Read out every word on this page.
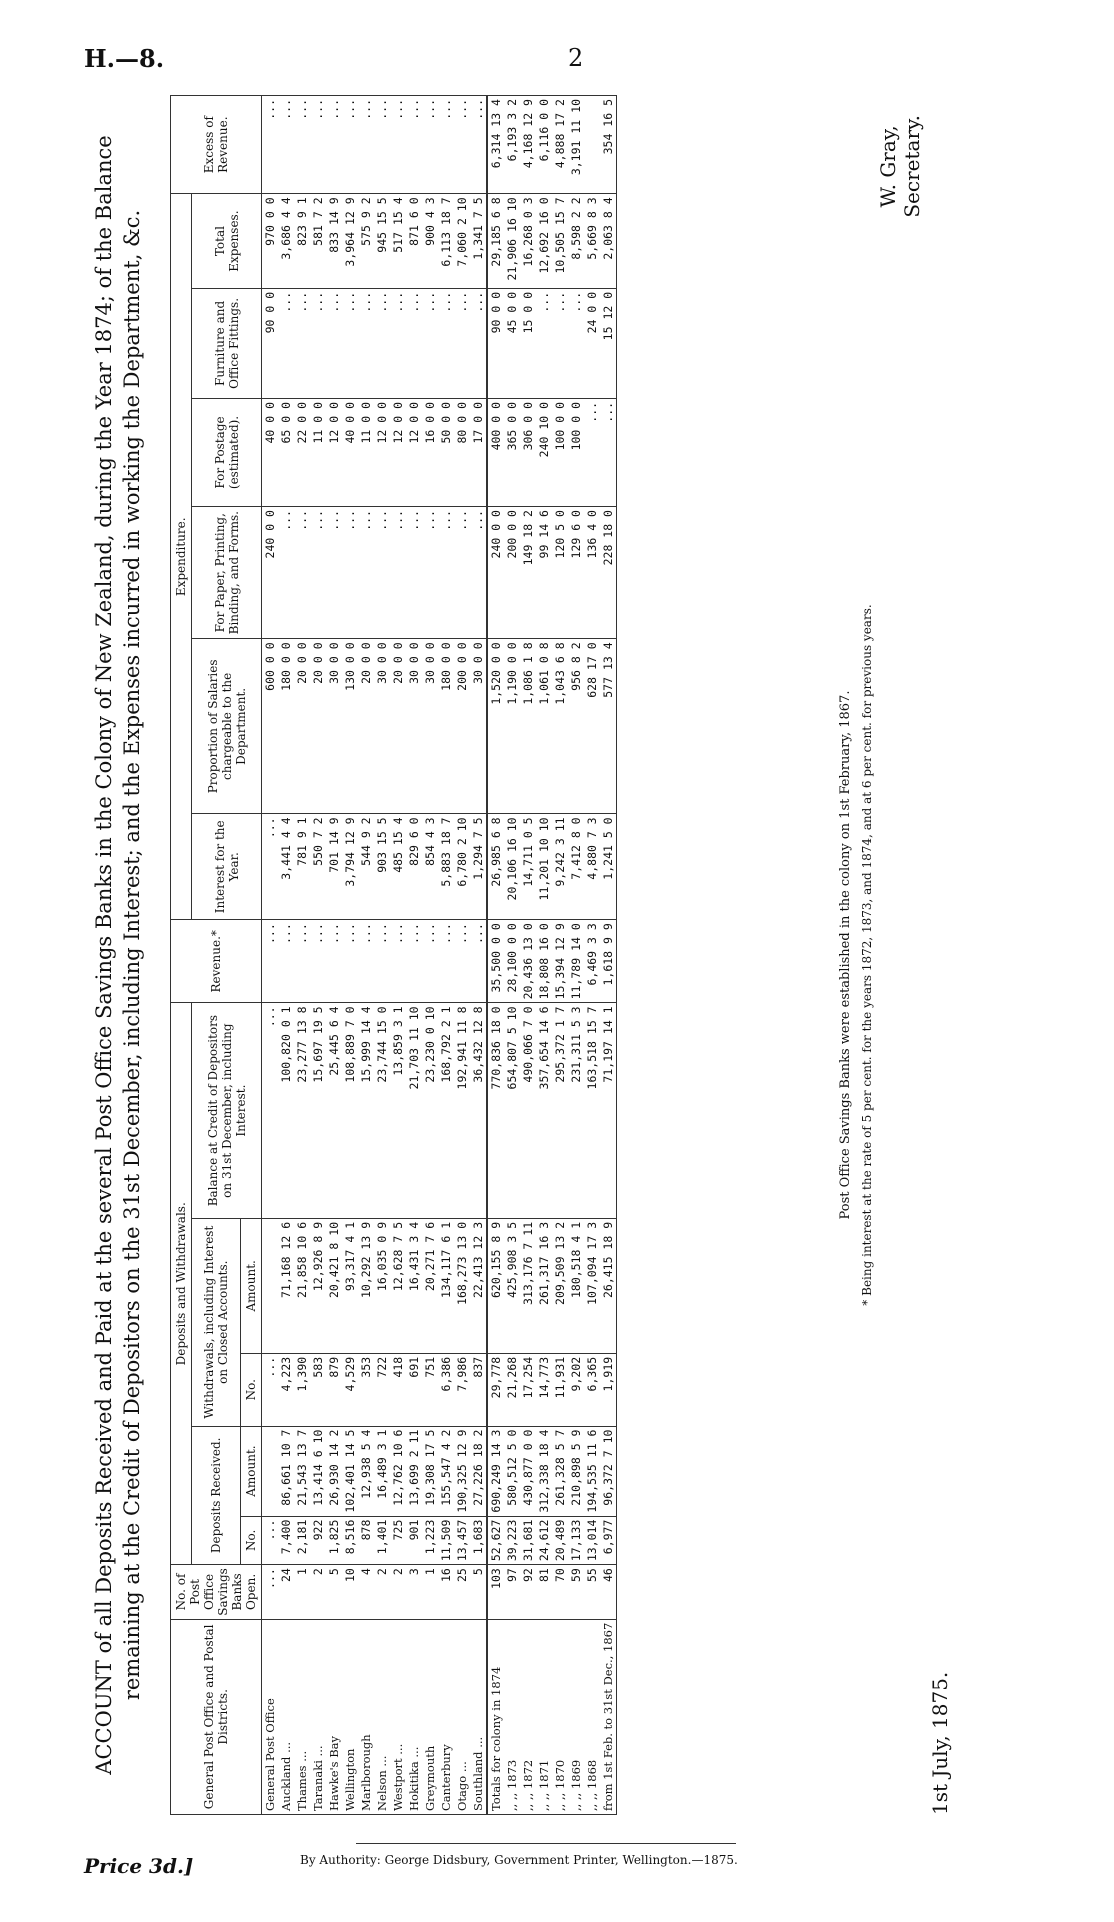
H.—8.	2
ACCOUNT of all Deposits Received and Paid at the several Post Office Savings Banks in the Colony of New Zealand, during the Year 1874; of the Balance remaining at the Credit of Depositors on the 31st December, including Interest; and the Expenses incurred in working the Department, &c.
General Post Office and Postal Districts.	No. of Post Office Savings Banks Open.	Deposits and Withdrawals.					Revenue.*	Expenditure.						Excess of Revenue.
		Deposits Received.		Withdrawals, including Interest on Closed Accounts.		Balance at Credit of Depositors on 31st December, including Interest.		Interest for the Year.	Proportion of Salaries chargeable to the Department.	For Paper, Printing, Binding, and Forms.	For Postage (estimated).	Furniture and Office Fittings.	Total Expenses.	
		No.	Amount.	No.	Amount.									
General Post Office	...	...		...		...	...	...	600 0 0	240 0 0	40 0 0	90 0 0	970 0 0	...
Auckland ...	24	7,400	86,661 10 7	4,223	71,168 12 6	100,820 0 1	...	3,441 4 4	180 0 0	...	65 0 0	...	3,686 4 4	...
Thames ...	1	2,181	21,543 13 7	1,390	21,858 10 6	23,277 13 8	...	781 9 1	20 0 0	...	22 0 0	...	823 9 1	...
Taranaki ...	2	922	13,414 6 10	583	12,926 8 9	15,697 19 5	...	550 7 2	20 0 0	...	11 0 0	...	581 7 2	...
Hawke's Bay	5	1,825	26,930 14 2	879	20,421 8 10	25,445 6 4	...	701 14 9	30 0 0	...	12 0 0	...	833 14 9	...
Wellington	10	8,516	102,401 14 5	4,529	93,317 4 1	108,889 7 0	...	3,794 12 9	130 0 0	...	40 0 0	...	3,964 12 9	...
Marlborough	4	878	12,938 5 4	353	10,292 13 9	15,999 14 4	...	544 9 2	20 0 0	...	11 0 0	...	575 9 2	...
Nelson ...	2	1,401	16,489 3 1	722	16,035 0 9	23,744 15 0	...	903 15 5	30 0 0	...	12 0 0	...	945 15 5	...
Westport ...	2	725	12,762 10 6	418	12,628 7 5	13,859 3 1	...	485 15 4	20 0 0	...	12 0 0	...	517 15 4	...
Hokitika ...	3	901	13,699 2 11	691	16,431 3 4	21,703 11 10	...	829 6 0	30 0 0	...	12 0 0	...	871 6 0	...
Greymouth	1	1,223	19,308 17 5	751	20,271 7 6	23,230 0 10	...	854 4 3	30 0 0	...	16 0 0	...	900 4 3	...
Canterbury	16	11,509	155,547 4 2	6,386	134,117 6 1	168,792 2 1	...	5,883 18 7	180 0 0	...	50 0 0	...	6,113 18 7	...
Otago ...	25	13,457	190,325 12 9	7,986	168,273 13 0	192,941 11 8	...	6,780 2 10	200 0 0	...	80 0 0	...	7,060 2 10	...
Southland ...	5	1,683	27,226 18 2	837	22,413 12 3	36,432 12 8	...	1,294 7 5	30 0 0	...	17 0 0	...	1,341 7 5	...
Totals for colony in 1874	103	52,627	690,249 14 3	29,778	620,155 8 9	770,836 18 0	35,500 0 0	26,985 6 8	1,520 0 0	240 0 0	400 0 0	90 0 0	29,185 6 8	6,314 13 4
,, ,, 1873	97	39,223	580,512 5 0	21,268	425,908 3 5	654,807 5 10	28,100 0 0	20,106 16 10	1,190 0 0	200 0 0	365 0 0	45 0 0	21,906 16 10	6,193 3 2
,, ,, 1872	92	31,681	430,877 0 0	17,254	313,176 7 11	490,066 7 0	20,436 13 0	14,711 0 5	1,086 1 8	149 18 2	306 0 0	15 0 0	16,268 0 3	4,168 12 9
,, ,, 1871	81	24,612	312,338 18 4	14,773	261,317 16 3	357,654 14 6	18,808 16 0	11,201 10 10	1,061 0 8	99 14 6	240 10 0	...	12,692 16 0	6,116 0 0
,, ,, 1870	70	20,489	261,328 5 7	11,931	209,509 13 2	295,372 1 7	15,394 12 9	9,242 3 11	1,043 6 8	120 5 0	100 0 0	...	10,505 15 7	4,888 17 2
,, ,, 1869	59	17,133	210,898 5 9	9,202	180,518 4 1	231,311 5 3	11,789 14 0	7,412 8 0	956 8 2	129 6 0	100 0 0	...	8,598 2 2	3,191 11 10
,, ,, 1868	55	13,014	194,535 11 6	6,365	107,094 17 3	163,518 15 7	6,469 3 3	4,880 7 3	628 17 0	136 4 0	...	24 0 0	5,669 8 3	
from 1st Feb. to 31st Dec., 1867	46	6,977	96,372 7 10	1,919	26,415 18 9	71,197 14 1	1,618 9 9	1,241 5 0	577 13 4	228 18 0	...	15 12 0	2,063 8 4	354 16 5
Post Office Savings Banks were established in the colony on 1st February, 1867. * Being interest at the rate of 5 per cent. for the years 1872, 1873, and 1874, and at 6 per cent. for previous years.
W. Gray, Secretary.
1st July, 1875.
Price 3d.]	By Authority: George Didsbury, Government Printer, Wellington.—1875.
